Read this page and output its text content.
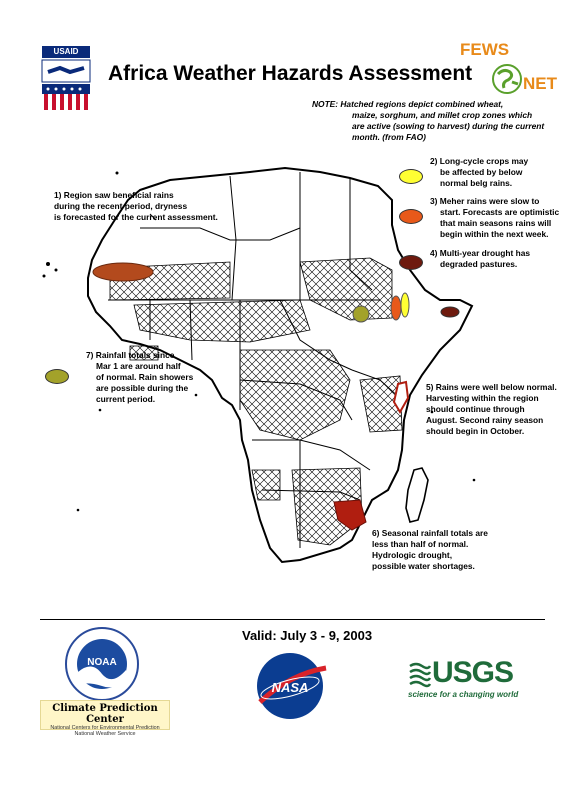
USAID
Africa Weather Hazards Assessment
FEWS
NET
NOTE: Hatched regions depict combined wheat,
maize, sorghum, and millet crop zones which
are active (sowing to harvest) during the current
month. (from FAO)
1) Region saw beneficial rains
during the recent period, dryness
is forecasted for the current assessment.
2) Long-cycle crops may
be affected by below
normal belg rains.
3) Meher rains were slow to
start. Forecasts are optimistic
that main seasons rains will
begin within the next week.
4) Multi-year drought has
degraded pastures.
5) Rains were well below normal.
Harvesting within the region
should continue through
August. Second rainy season
should begin in October.
6) Seasonal rainfall totals are
less than half of normal.
Hydrologic drought,
possible water shortages.
7) Rainfall totals since
Mar 1 are around half
of normal. Rain showers
are possible during the
current period.
Valid: July 3 - 9, 2003
NOAA
Climate Prediction Center
National Centers for Environmental Prediction
National Weather Service
NASA	USGS
science for a changing world
